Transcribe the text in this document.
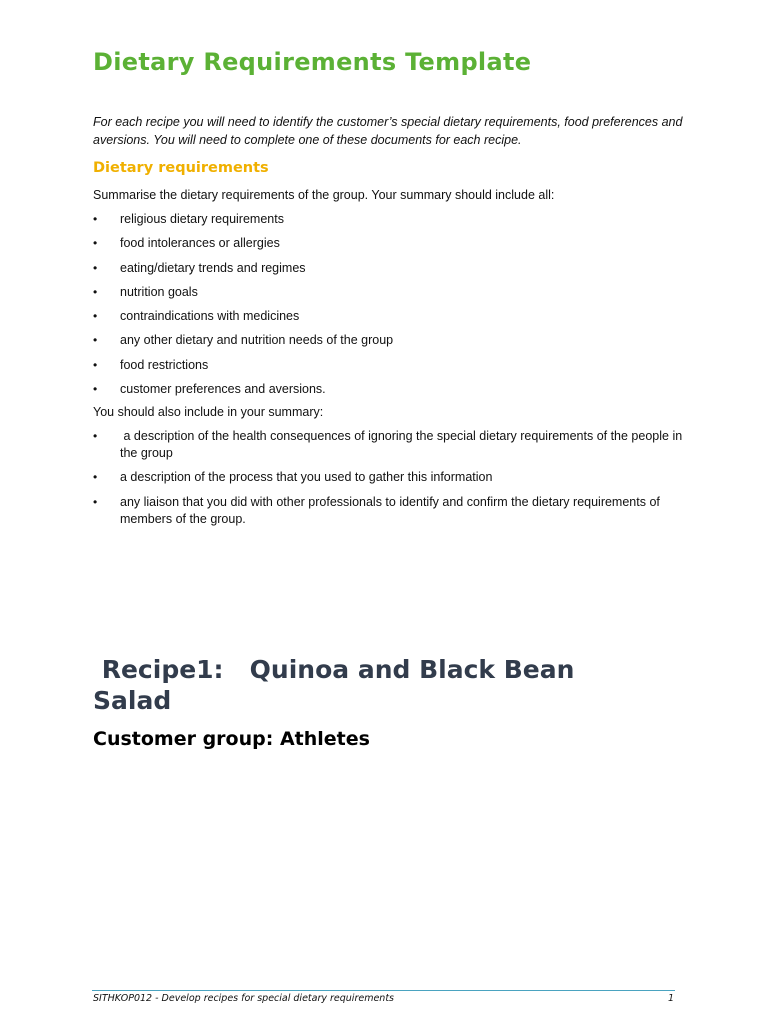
Dietary Requirements Template

For each recipe you will need to identify the customer’s special dietary requirements, food preferences and aversions. You will need to complete one of these documents for each recipe.

Dietary requirements

Summarise the dietary requirements of the group. Your summary should include all:

• religious dietary requirements
• food intolerances or allergies
• eating/dietary trends and regimes
• nutrition goals
• contraindications with medicines
• any other dietary and nutrition needs of the group
• food restrictions
• customer preferences and aversions.

You should also include in your summary:

• a description of the health consequences of ignoring the special dietary requirements of the people in the group
• a description of the process that you used to gather this information
• any liaison that you did with other professionals to identify and confirm the dietary requirements of members of the group.
Recipe1:   Quinoa and Black Bean Salad
Customer group: Athletes

SITHKOP012 - Develop recipes for special dietary requirements	1
